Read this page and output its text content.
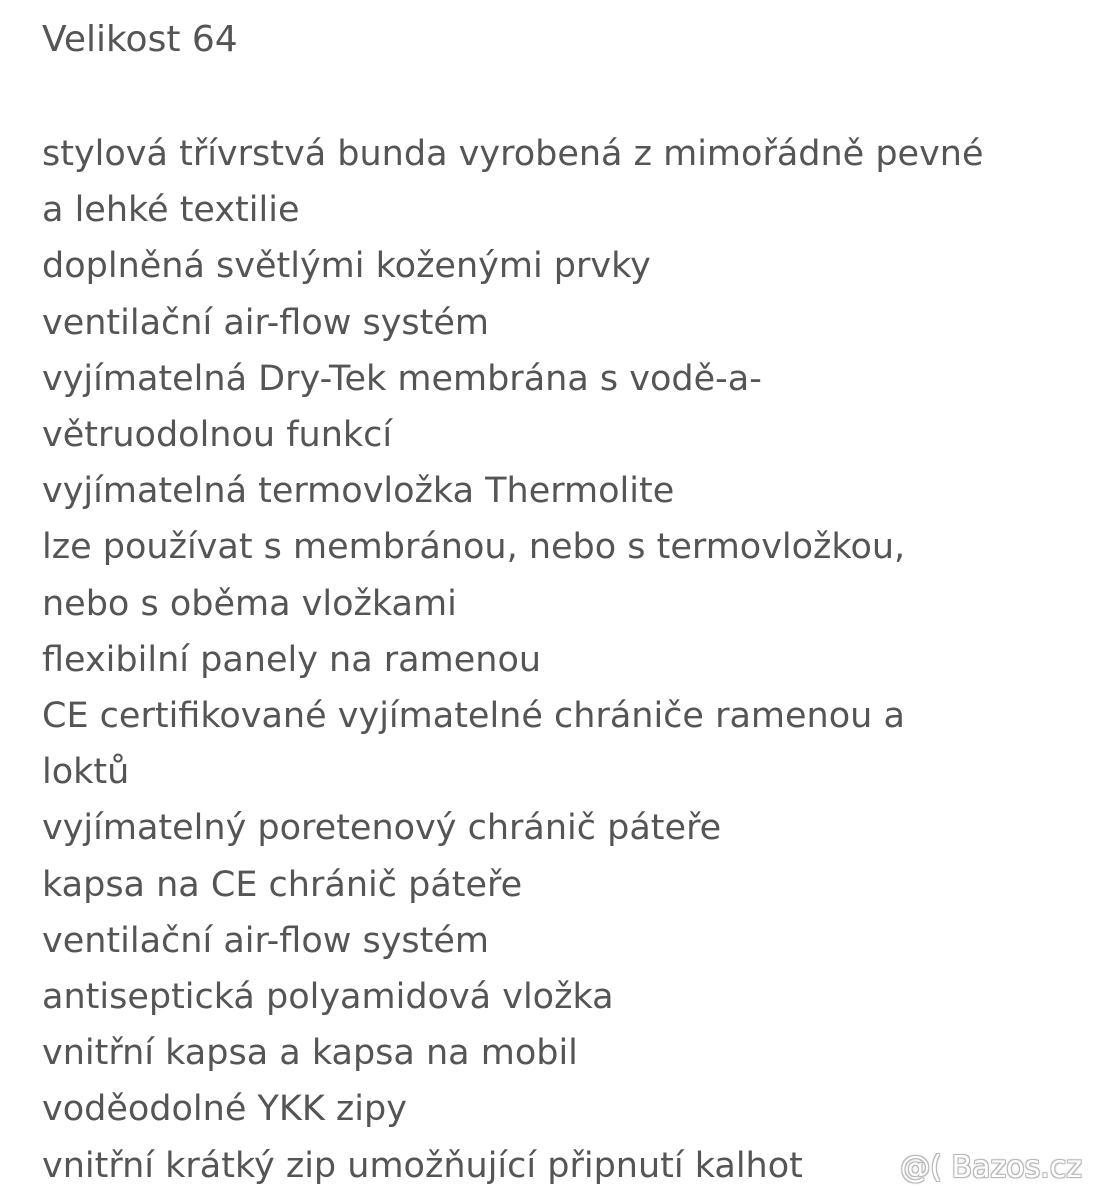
Velikost 64
stylová třívrstvá bunda vyrobená z mimořádně pevné
a lehké textilie
doplněná světlými koženými prvky
ventilační air-flow systém
vyjímatelná Dry-Tek membrána s vodě-a-
větruodolnou funkcí
vyjímatelná termovložka Thermolite
lze používat s membránou, nebo s termovložkou,
nebo s oběma vložkami
flexibilní panely na ramenou
CE certifikované vyjímatelné chrániče ramenou a
loktů
vyjímatelný poretenový chránič páteře
kapsa na CE chránič páteře
ventilační air-flow systém
antiseptická polyamidová vložka
vnitřní kapsa a kapsa na mobil
voděodolné YKK zipy
vnitřní krátký zip umožňující připnutí kalhot	@( Bazos.cz
